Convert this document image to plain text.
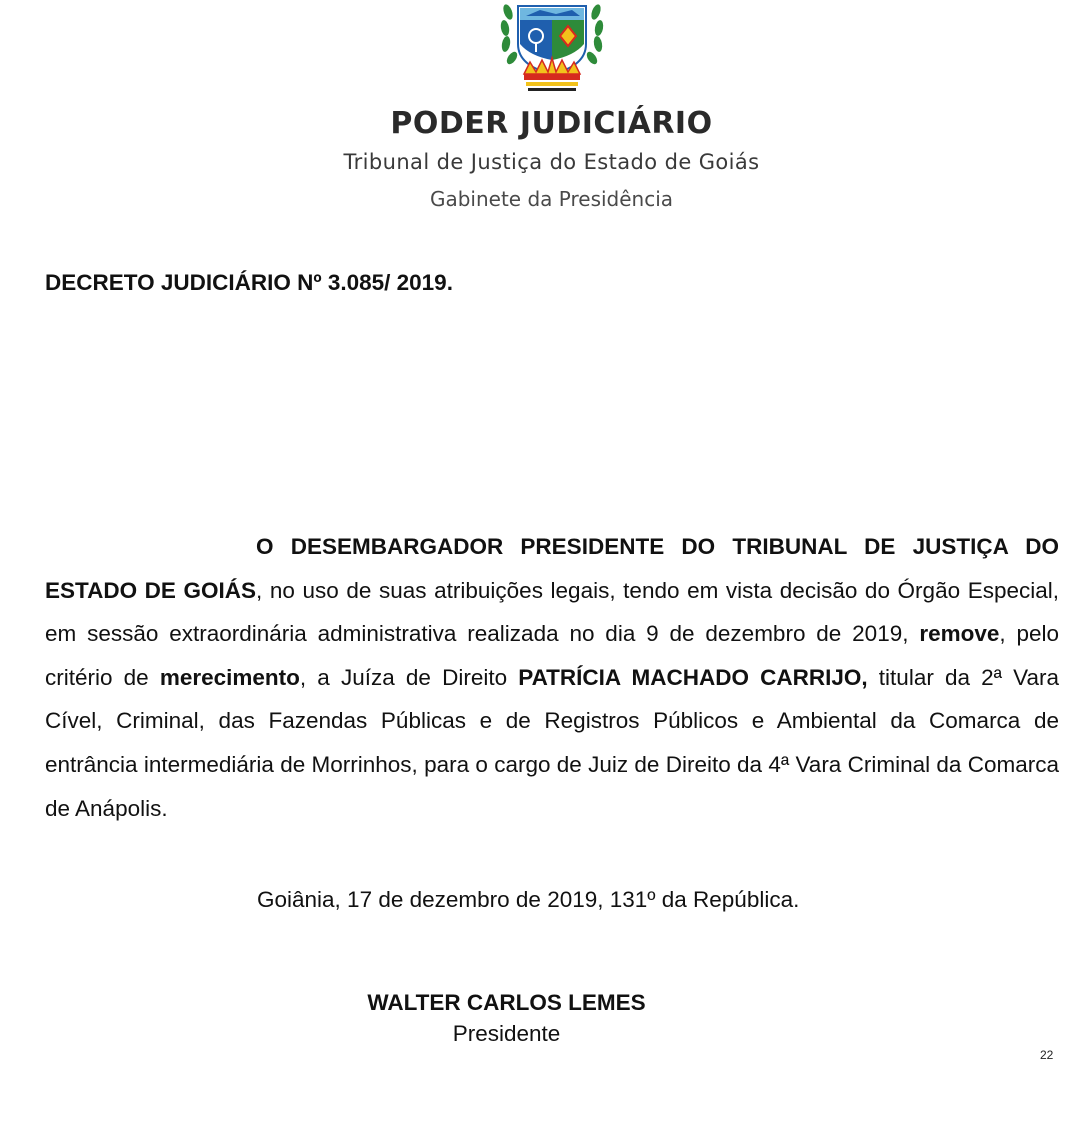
PODER JUDICIÁRIO
Tribunal de Justiça do Estado de Goiás
Gabinete da Presidência
DECRETO JUDICIÁRIO Nº 3.085/ 2019.
O DESEMBARGADOR PRESIDENTE DO TRIBUNAL DE JUSTIÇA DO ESTADO DE GOIÁS, no uso de suas atribuições legais, tendo em vista decisão do Órgão Especial, em sessão extraordinária administrativa realizada no dia 9 de dezembro de 2019, remove, pelo critério de merecimento, a Juíza de Direito PATRÍCIA MACHADO CARRIJO, titular da 2ª Vara Cível, Criminal, das Fazendas Públicas e de Registros Públicos e Ambiental da Comarca de entrância intermediária de Morrinhos, para o cargo de Juiz de Direito da 4ª Vara Criminal da Comarca de Anápolis.
Goiânia, 17 de dezembro de 2019, 131º da República.
WALTER CARLOS LEMES
Presidente
22
